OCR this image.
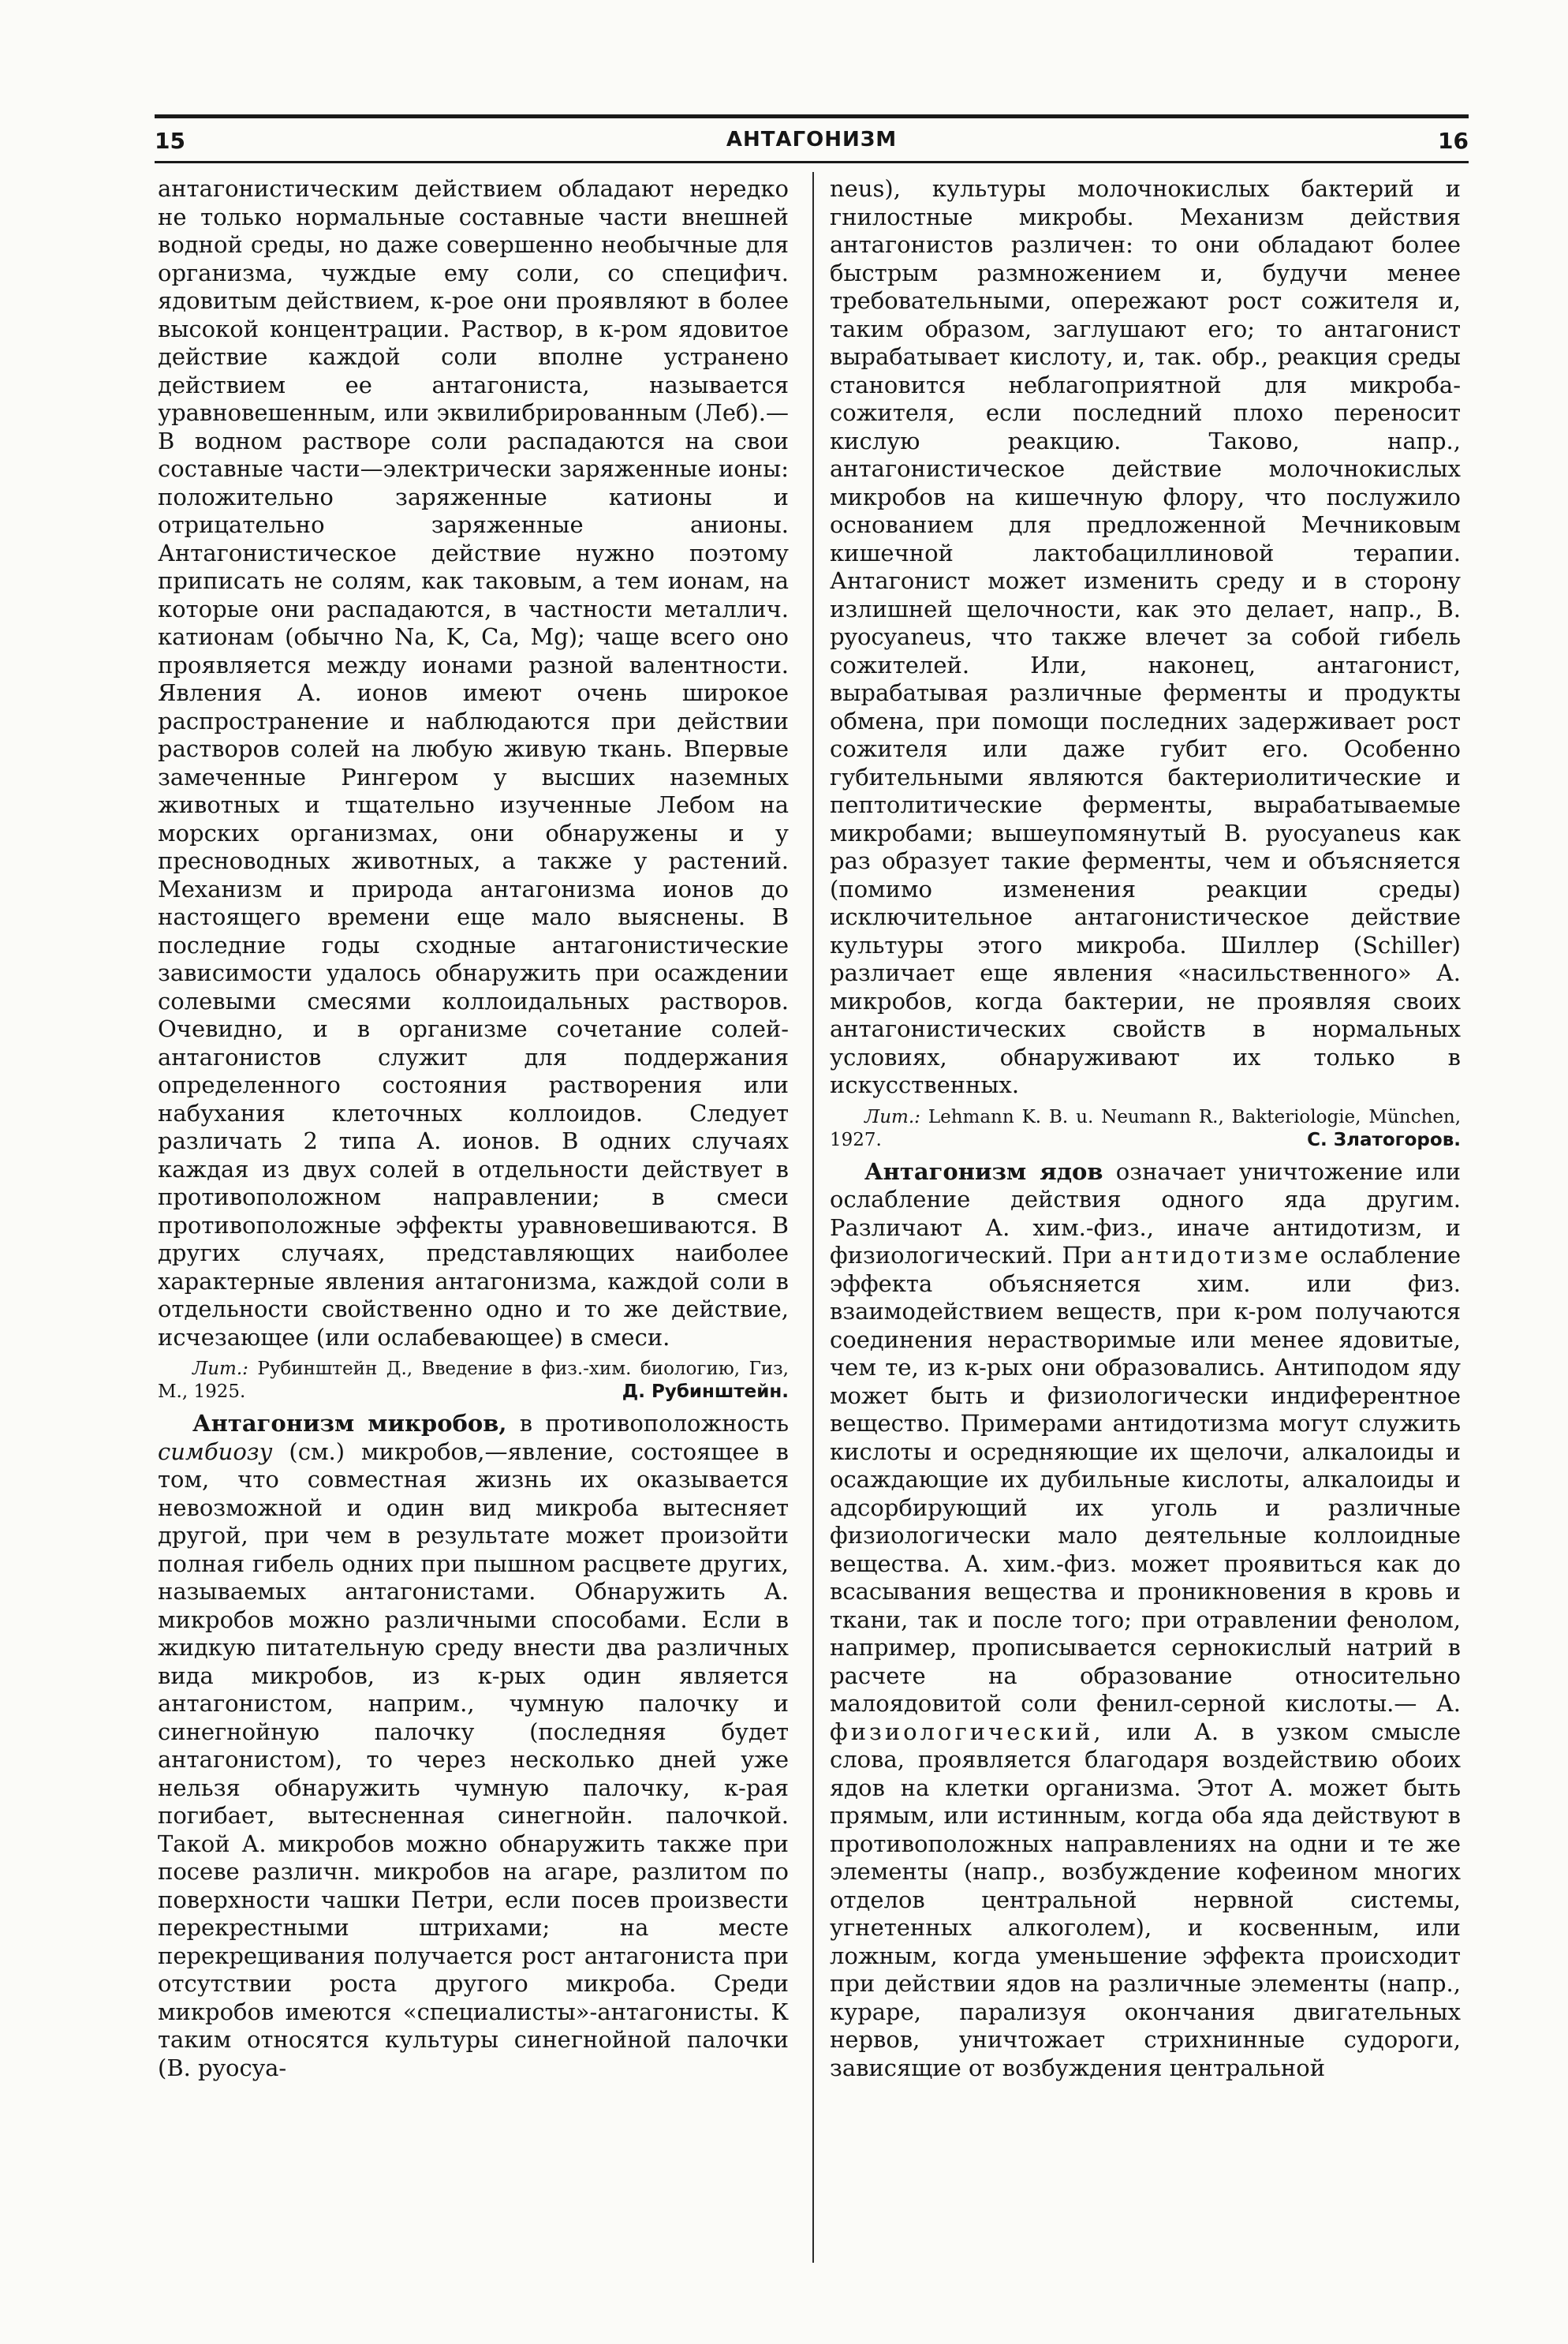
15	АНТАГОНИЗМ	16

антагонистическим действием обладают нередко не только нормальные составные части внешней водной среды, но даже совершенно необычные для организма, чуждые ему соли, со специфич. ядовитым действием, к-рое они проявляют в более высокой концентрации. Раствор, в к-ром ядовитое действие каждой соли вполне устранено действием ее антагониста, называется уравновешенным, или эквилибрированным (Леб).—В водном растворе соли распадаются на свои составные части—электрически заряженные ионы: положительно заряженные катионы и отрицательно заряженные анионы. Антагонистическое действие нужно поэтому приписать не солям, как таковым, а тем ионам, на которые они распадаются, в частности металлич. катионам (обычно Na, K, Ca, Mg); чаще всего оно проявляется между ионами разной валентности. Явления А. ионов имеют очень широкое распространение и наблюдаются при действии растворов солей на любую живую ткань. Впервые замеченные Рингером у высших наземных животных и тщательно изученные Лебом на морских организмах, они обнаружены и у пресноводных животных, а также у растений. Механизм и природа антагонизма ионов до настоящего времени еще мало выяснены. В последние годы сходные антагонистические зависимости удалось обнаружить при осаждении солевыми смесями коллоидальных растворов. Очевидно, и в организме сочетание солей-антагонистов служит для поддержания определенного состояния растворения или набухания клеточных коллоидов. Следует различать 2 типа А. ионов. В одних случаях каждая из двух солей в отдельности действует в противоположном направлении; в смеси противоположные эффекты уравновешиваются. В других случаях, представляющих наиболее характерные явления антагонизма, каждой соли в отдельности свойственно одно и то же действие, исчезающее (или ослабевающее) в смеси.

Лит.: Рубинштейн Д., Введение в физ.-хим. биологию, Гиз, М., 1925.	Д. Рубинштейн.

Антагонизм микробов, в противоположность симбиозу (см.) микробов,—явление, состоящее в том, что совместная жизнь их оказывается невозможной и один вид микроба вытесняет другой, при чем в результате может произойти полная гибель одних при пышном расцвете других, называемых антагонистами. Обнаружить А. микробов можно различными способами. Если в жидкую питательную среду внести два различных вида микробов, из к-рых один является антагонистом, наприм., чумную палочку и синегнойную палочку (последняя будет антагонистом), то через несколько дней уже нельзя обнаружить чумную палочку, к-рая погибает, вытесненная синегнойн. палочкой. Такой А. микробов можно обнаружить также при посеве различн. микробов на агаре, разлитом по поверхности чашки Петри, если посев произвести перекрестными штрихами; на месте перекрещивания получается рост антагониста при отсутствии роста другого микроба. Среди микробов имеются «специалисты»-антагонисты. К таким относятся культуры синегнойной палочки (B. pyocya-

neus), культуры молочнокислых бактерий и гнилостные микробы. Механизм действия антагонистов различен: то они обладают более быстрым размножением и, будучи менее требовательными, опережают рост сожителя и, таким образом, заглушают его; то антагонист вырабатывает кислоту, и, так. обр., реакция среды становится неблагоприятной для микроба-сожителя, если последний плохо переносит кислую реакцию. Таково, напр., антагонистическое действие молочнокислых микробов на кишечную флору, что послужило основанием для предложенной Мечниковым кишечной лактобациллиновой терапии. Антагонист может изменить среду и в сторону излишней щелочности, как это делает, напр., B. pyocyaneus, что также влечет за собой гибель сожителей. Или, наконец, антагонист, вырабатывая различные ферменты и продукты обмена, при помощи последних задерживает рост сожителя или даже губит его. Особенно губительными являются бактериолитические и пептолитические ферменты, вырабатываемые микробами; вышеупомянутый B. pyocyaneus как раз образует такие ферменты, чем и объясняется (помимо изменения реакции среды) исключительное антагонистическое действие культуры этого микроба. Шиллер (Schiller) различает еще явления «насильственного» А. микробов, когда бактерии, не проявляя своих антагонистических свойств в нормальных условиях, обнаруживают их только в искусственных.

Лит.: Lehmann K. B. u. Neumann R., Bakteriologie, München, 1927.	С. Златогоров.

Антагонизм ядов означает уничтожение или ослабление действия одного яда другим. Различают А. хим.-физ., иначе антидотизм, и физиологический. При антидотизме ослабление эффекта объясняется хим. или физ. взаимодействием веществ, при к-ром получаются соединения нерастворимые или менее ядовитые, чем те, из к-рых они образовались. Антиподом яду может быть и физиологически индиферентное вещество. Примерами антидотизма могут служить кислоты и осредняющие их щелочи, алкалоиды и осаждающие их дубильные кислоты, алкалоиды и адсорбирующий их уголь и различные физиологически мало деятельные коллоидные вещества. А. хим.-физ. может проявиться как до всасывания вещества и проникновения в кровь и ткани, так и после того; при отравлении фенолом, например, прописывается сернокислый натрий в расчете на образование относительно малоядовитой соли фенил-серной кислоты.— А. физиологический, или А. в узком смысле слова, проявляется благодаря воздействию обоих ядов на клетки организма. Этот А. может быть прямым, или истинным, когда оба яда действуют в противоположных направлениях на одни и те же элементы (напр., возбуждение кофеином многих отделов центральной нервной системы, угнетенных алкоголем), и косвенным, или ложным, когда уменьшение эффекта происходит при действии ядов на различные элементы (напр., кураре, парализуя окончания двигательных нервов, уничтожает стрихнинные судороги, зависящие от возбуждения центральной
